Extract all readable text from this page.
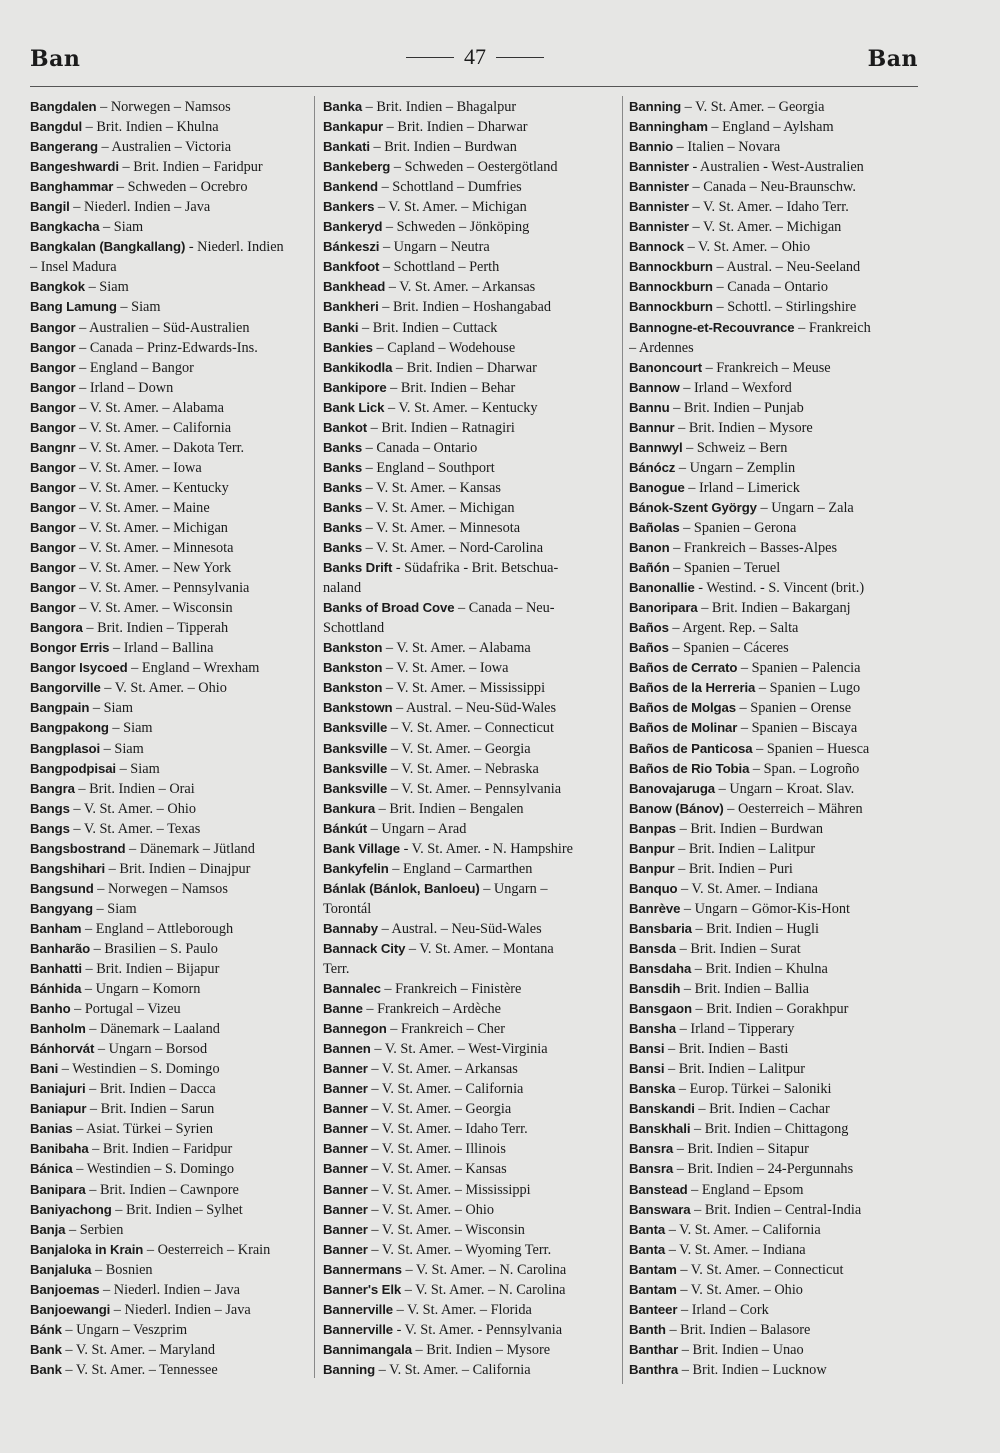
Ban	47	Ban
Bangdalen – Norwegen – Namsos
Bangdul – Brit. Indien – Khulna
Bangerang – Australien – Victoria
Bangeshwardi – Brit. Indien – Faridpur
Banghammar – Schweden – Ocrebro
Bangil – Niederl. Indien – Java
Bangkacha – Siam
Bangkalan (Bangkallang) - Niederl. Indien
– Insel Madura
Bangkok – Siam
Bang Lamung – Siam
Bangor – Australien – Süd-Australien
Bangor – Canada – Prinz-Edwards-Ins.
Bangor – England – Bangor
Bangor – Irland – Down
Bangor – V. St. Amer. – Alabama
Bangor – V. St. Amer. – California
Bangnr – V. St. Amer. – Dakota Terr.
Bangor – V. St. Amer. – Iowa
Bangor – V. St. Amer. – Kentucky
Bangor – V. St. Amer. – Maine
Bangor – V. St. Amer. – Michigan
Bangor – V. St. Amer. – Minnesota
Bangor – V. St. Amer. – New York
Bangor – V. St. Amer. – Pennsylvania
Bangor – V. St. Amer. – Wisconsin
Bangora – Brit. Indien – Tipperah
Bongor Erris – Irland – Ballina
Bangor Isycoed – England – Wrexham
Bangorville – V. St. Amer. – Ohio
Bangpain – Siam
Bangpakong – Siam
Bangplasoi – Siam
Bangpodpisai – Siam
Bangra – Brit. Indien – Orai
Bangs – V. St. Amer. – Ohio
Bangs – V. St. Amer. – Texas
Bangsbostrand – Dänemark – Jütland
Bangshihari – Brit. Indien – Dinajpur
Bangsund – Norwegen – Namsos
Bangyang – Siam
Banham – England – Attleborough
Banharão – Brasilien – S. Paulo
Banhatti – Brit. Indien – Bijapur
Bánhida – Ungarn – Komorn
Banho – Portugal – Vizeu
Banholm – Dänemark – Laaland
Bánhorvát – Ungarn – Borsod
Bani – Westindien – S. Domingo
Baniajuri – Brit. Indien – Dacca
Baniapur – Brit. Indien – Sarun
Banias – Asiat. Türkei – Syrien
Banibaha – Brit. Indien – Faridpur
Bánica – Westindien – S. Domingo
Banipara – Brit. Indien – Cawnpore
Baniyachong – Brit. Indien – Sylhet
Banja – Serbien
Banjaloka in Krain – Oesterreich – Krain
Banjaluka – Bosnien
Banjoemas – Niederl. Indien – Java
Banjoewangi – Niederl. Indien – Java
Bánk – Ungarn – Veszprim
Bank – V. St. Amer. – Maryland
Bank – V. St. Amer. – Tennessee
Banka – Brit. Indien – Bhagalpur
Bankapur – Brit. Indien – Dharwar
Bankati – Brit. Indien – Burdwan
Bankeberg – Schweden – Oestergötland
Bankend – Schottland – Dumfries
Bankers – V. St. Amer. – Michigan
Bankeryd – Schweden – Jönköping
Bánkeszi – Ungarn – Neutra
Bankfoot – Schottland – Perth
Bankhead – V. St. Amer. – Arkansas
Bankheri – Brit. Indien – Hoshangabad
Banki – Brit. Indien – Cuttack
Bankies – Capland – Wodehouse
Bankikodla – Brit. Indien – Dharwar
Bankipore – Brit. Indien – Behar
Bank Lick – V. St. Amer. – Kentucky
Bankot – Brit. Indien – Ratnagiri
Banks – Canada – Ontario
Banks – England – Southport
Banks – V. St. Amer. – Kansas
Banks – V. St. Amer. – Michigan
Banks – V. St. Amer. – Minnesota
Banks – V. St. Amer. – Nord-Carolina
Banks Drift - Südafrika - Brit. Betschua-
naland
Banks of Broad Cove – Canada – Neu-
Schottland
Bankston – V. St. Amer. – Alabama
Bankston – V. St. Amer. – Iowa
Bankston – V. St. Amer. – Mississippi
Bankstown – Austral. – Neu-Süd-Wales
Banksville – V. St. Amer. – Connecticut
Banksville – V. St. Amer. – Georgia
Banksville – V. St. Amer. – Nebraska
Banksville – V. St. Amer. – Pennsylvania
Bankura – Brit. Indien – Bengalen
Bánkút – Ungarn – Arad
Bank Village - V. St. Amer. - N. Hampshire
Bankyfelin – England – Carmarthen
Bánlak (Bánlok, Banloeu) – Ungarn –
Torontál
Bannaby – Austral. – Neu-Süd-Wales
Bannack City – V. St. Amer. – Montana
Terr.
Bannalec – Frankreich – Finistère
Banne – Frankreich – Ardèche
Bannegon – Frankreich – Cher
Bannen – V. St. Amer. – West-Virginia
Banner – V. St. Amer. – Arkansas
Banner – V. St. Amer. – California
Banner – V. St. Amer. – Georgia
Banner – V. St. Amer. – Idaho Terr.
Banner – V. St. Amer. – Illinois
Banner – V. St. Amer. – Kansas
Banner – V. St. Amer. – Mississippi
Banner – V. St. Amer. – Ohio
Banner – V. St. Amer. – Wisconsin
Banner – V. St. Amer. – Wyoming Terr.
Bannermans – V. St. Amer. – N. Carolina
Banner's Elk – V. St. Amer. – N. Carolina
Bannerville – V. St. Amer. – Florida
Bannerville - V. St. Amer. - Pennsylvania
Bannimangala – Brit. Indien – Mysore
Banning – V. St. Amer. – California
Banning – V. St. Amer. – Georgia
Banningham – England – Aylsham
Bannio – Italien – Novara
Bannister - Australien - West-Australien
Bannister – Canada – Neu-Braunschw.
Bannister – V. St. Amer. – Idaho Terr.
Bannister – V. St. Amer. – Michigan
Bannock – V. St. Amer. – Ohio
Bannockburn – Austral. – Neu-Seeland
Bannockburn – Canada – Ontario
Bannockburn – Schottl. – Stirlingshire
Bannogne-et-Recouvrance – Frankreich
– Ardennes
Banoncourt – Frankreich – Meuse
Bannow – Irland – Wexford
Bannu – Brit. Indien – Punjab
Bannur – Brit. Indien – Mysore
Bannwyl – Schweiz – Bern
Bánócz – Ungarn – Zemplin
Banogue – Irland – Limerick
Bánok-Szent György – Ungarn – Zala
Bañolas – Spanien – Gerona
Banon – Frankreich – Basses-Alpes
Bañón – Spanien – Teruel
Banonallie - Westind. - S. Vincent (brit.)
Banoripara – Brit. Indien – Bakarganj
Baños – Argent. Rep. – Salta
Baños – Spanien – Cáceres
Baños de Cerrato – Spanien – Palencia
Baños de la Herreria – Spanien – Lugo
Baños de Molgas – Spanien – Orense
Baños de Molinar – Spanien – Biscaya
Baños de Panticosa – Spanien – Huesca
Baños de Rio Tobia – Span. – Logroño
Banovajaruga – Ungarn – Kroat. Slav.
Banow (Bánov) – Oesterreich – Mähren
Banpas – Brit. Indien – Burdwan
Banpur – Brit. Indien – Lalitpur
Banpur – Brit. Indien – Puri
Banquo – V. St. Amer. – Indiana
Banrève – Ungarn – Gömor-Kis-Hont
Bansbaria – Brit. Indien – Hugli
Bansda – Brit. Indien – Surat
Bansdaha – Brit. Indien – Khulna
Bansdih – Brit. Indien – Ballia
Bansgaon – Brit. Indien – Gorakhpur
Bansha – Irland – Tipperary
Bansi – Brit. Indien – Basti
Bansi – Brit. Indien – Lalitpur
Banska – Europ. Türkei – Saloniki
Banskandi – Brit. Indien – Cachar
Banskhali – Brit. Indien – Chittagong
Bansra – Brit. Indien – Sitapur
Bansra – Brit. Indien – 24-Pergunnahs
Banstead – England – Epsom
Banswara – Brit. Indien – Central-India
Banta – V. St. Amer. – California
Banta – V. St. Amer. – Indiana
Bantam – V. St. Amer. – Connecticut
Bantam – V. St. Amer. – Ohio
Banteer – Irland – Cork
Banth – Brit. Indien – Balasore
Banthar – Brit. Indien – Unao
Banthra – Brit. Indien – Lucknow
